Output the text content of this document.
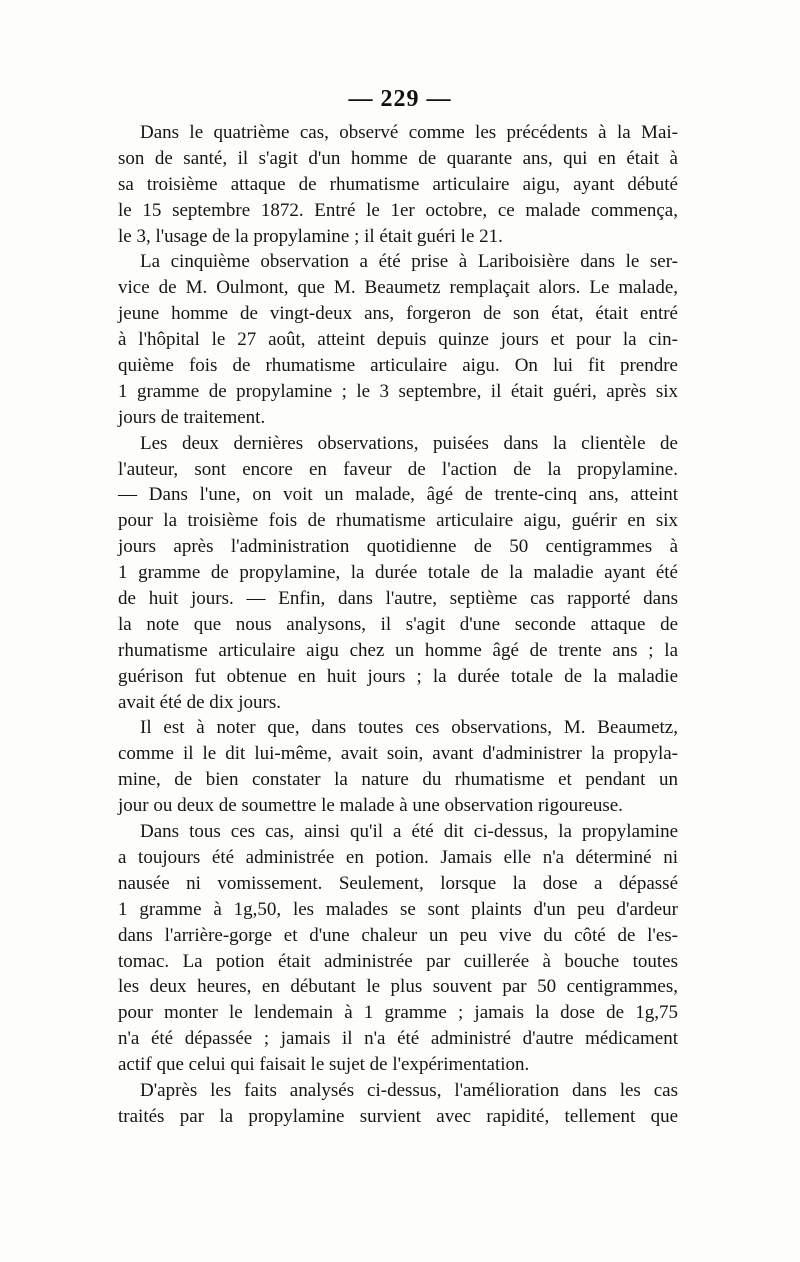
— 229 —
Dans le quatrième cas, observé comme les précédents à la Mai-
son de santé, il s'agit d'un homme de quarante ans, qui en était à
sa troisième attaque de rhumatisme articulaire aigu, ayant débuté
le 15 septembre 1872. Entré le 1er octobre, ce malade commença,
le 3, l'usage de la propylamine ; il était guéri le 21.
La cinquième observation a été prise à Lariboisière dans le ser-
vice de M. Oulmont, que M. Beaumetz remplaçait alors. Le malade,
jeune homme de vingt-deux ans, forgeron de son état, était entré
à l'hôpital le 27 août, atteint depuis quinze jours et pour la cin-
quième fois de rhumatisme articulaire aigu. On lui fit prendre
1 gramme de propylamine ; le 3 septembre, il était guéri, après six
jours de traitement.
Les deux dernières observations, puisées dans la clientèle de
l'auteur, sont encore en faveur de l'action de la propylamine.
— Dans l'une, on voit un malade, âgé de trente-cinq ans, atteint
pour la troisième fois de rhumatisme articulaire aigu, guérir en six
jours après l'administration quotidienne de 50 centigrammes à
1 gramme de propylamine, la durée totale de la maladie ayant été
de huit jours. — Enfin, dans l'autre, septième cas rapporté dans
la note que nous analysons, il s'agit d'une seconde attaque de
rhumatisme articulaire aigu chez un homme âgé de trente ans ; la
guérison fut obtenue en huit jours ; la durée totale de la maladie
avait été de dix jours.
Il est à noter que, dans toutes ces observations, M. Beaumetz,
comme il le dit lui-même, avait soin, avant d'administrer la propyla-
mine, de bien constater la nature du rhumatisme et pendant un
jour ou deux de soumettre le malade à une observation rigoureuse.
Dans tous ces cas, ainsi qu'il a été dit ci-dessus, la propylamine
a toujours été administrée en potion. Jamais elle n'a déterminé ni
nausée ni vomissement. Seulement, lorsque la dose a dépassé
1 gramme à 1g,50, les malades se sont plaints d'un peu d'ardeur
dans l'arrière-gorge et d'une chaleur un peu vive du côté de l'es-
tomac. La potion était administrée par cuillerée à bouche toutes
les deux heures, en débutant le plus souvent par 50 centigrammes,
pour monter le lendemain à 1 gramme ; jamais la dose de 1g,75
n'a été dépassée ; jamais il n'a été administré d'autre médicament
actif que celui qui faisait le sujet de l'expérimentation.
D'après les faits analysés ci-dessus, l'amélioration dans les cas
traités par la propylamine survient avec rapidité, tellement que
